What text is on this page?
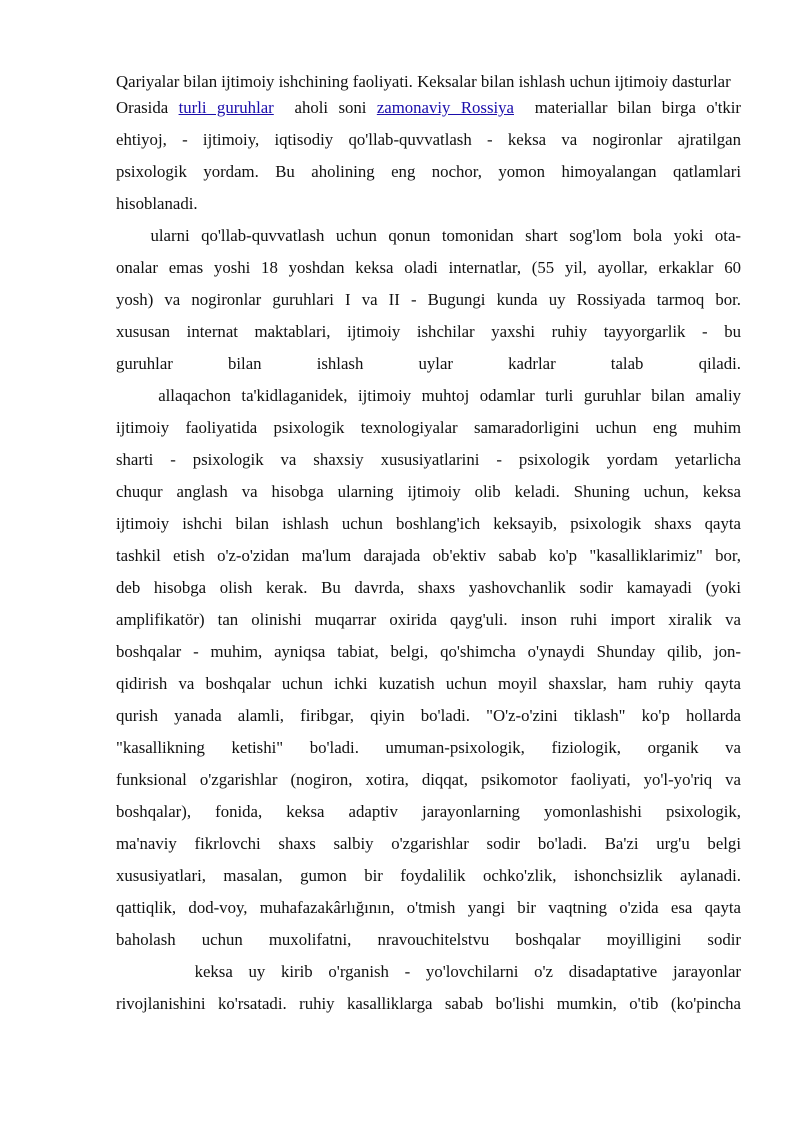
Qariyalar bilan ijtimoiy ishchining faoliyati. Keksalar bilan ishlash uchun ijtimoiy dasturlar

Orasida turli guruhlar  aholi soni zamonaviy Rossiya  materiallar bilan birga o'tkir
ehtiyoj, - ijtimoiy, iqtisodiy qo'llab-quvvatlash - keksa va nogironlar ajratilgan
psixologik yordam. Bu aholining eng nochor, yomon himoyalangan qatlamlari
hisoblanadi.
ularni qo'llab-quvvatlash uchun qonun tomonidan shart sog'lom bola yoki ota-
onalar emas yoshi 18 yoshdan keksa oladi internatlar, (55 yil, ayollar, erkaklar 60
yosh) va nogironlar guruhlari I va II - Bugungi kunda uy Rossiyada tarmoq bor.
xususan internat maktablari, ijtimoiy ishchilar yaxshi ruhiy tayyorgarlik - bu
guruhlar bilan ishlash uylar kadrlar talab qiladi.
allaqachon ta'kidlaganidek, ijtimoiy muhtoj odamlar turli guruhlar bilan amaliy
ijtimoiy faoliyatida psixologik texnologiyalar samaradorligini uchun eng muhim
sharti - psixologik va shaxsiy xususiyatlarini - psixologik yordam yetarlicha
chuqur anglash va hisobga ularning ijtimoiy olib keladi. Shuning uchun, keksa
ijtimoiy ishchi bilan ishlash uchun boshlang'ich keksayib, psixologik shaxs qayta
tashkil etish o'z-o'zidan ma'lum darajada ob'ektiv sabab ko'p "kasalliklarimiz" bor,
deb hisobga olish kerak. Bu davrda, shaxs yashovchanlik sodir kamayadi (yoki
amplifikatör) tan olinishi muqarrar oxirida qayg'uli. inson ruhi import xiralik va
boshqalar - muhim, ayniqsa tabiat, belgi, qo'shimcha o'ynaydi Shunday qilib, jon-
qidirish va boshqalar uchun ichki kuzatish uchun moyil shaxslar, ham ruhiy qayta
qurish yanada alamli, firibgar, qiyin bo'ladi. "O'z-o'zini tiklash" ko'p hollarda
"kasallikning ketishi" bo'ladi. umuman-psixologik, fiziologik, organik va
funksional o'zgarishlar (nogiron, xotira, diqqat, psikomotor faoliyati, yo'l-yo'riq va
boshqalar), fonida, keksa adaptiv jarayonlarning yomonlashishi psixologik,
ma'naviy fikrlovchi shaxs salbiy o'zgarishlar sodir bo'ladi. Ba'zi urg'u belgi
xususiyatlari, masalan, gumon bir foydalilik ochko'zlik, ishonchsizlik aylanadi.
qattiqlik, dod-voy, muhafazakârlığının, o'tmish yangi bir vaqtning o'zida esa qayta
baholash uchun muxolifatni, nravouchitelstvu boshqalar moyilligini sodir
keksa uy kirib o'rganish - yo'lovchilarni o'z disadaptative jarayonlar
rivojlanishini ko'rsatadi. ruhiy kasalliklarga sabab bo'lishi mumkin, o'tib (ko'pincha
